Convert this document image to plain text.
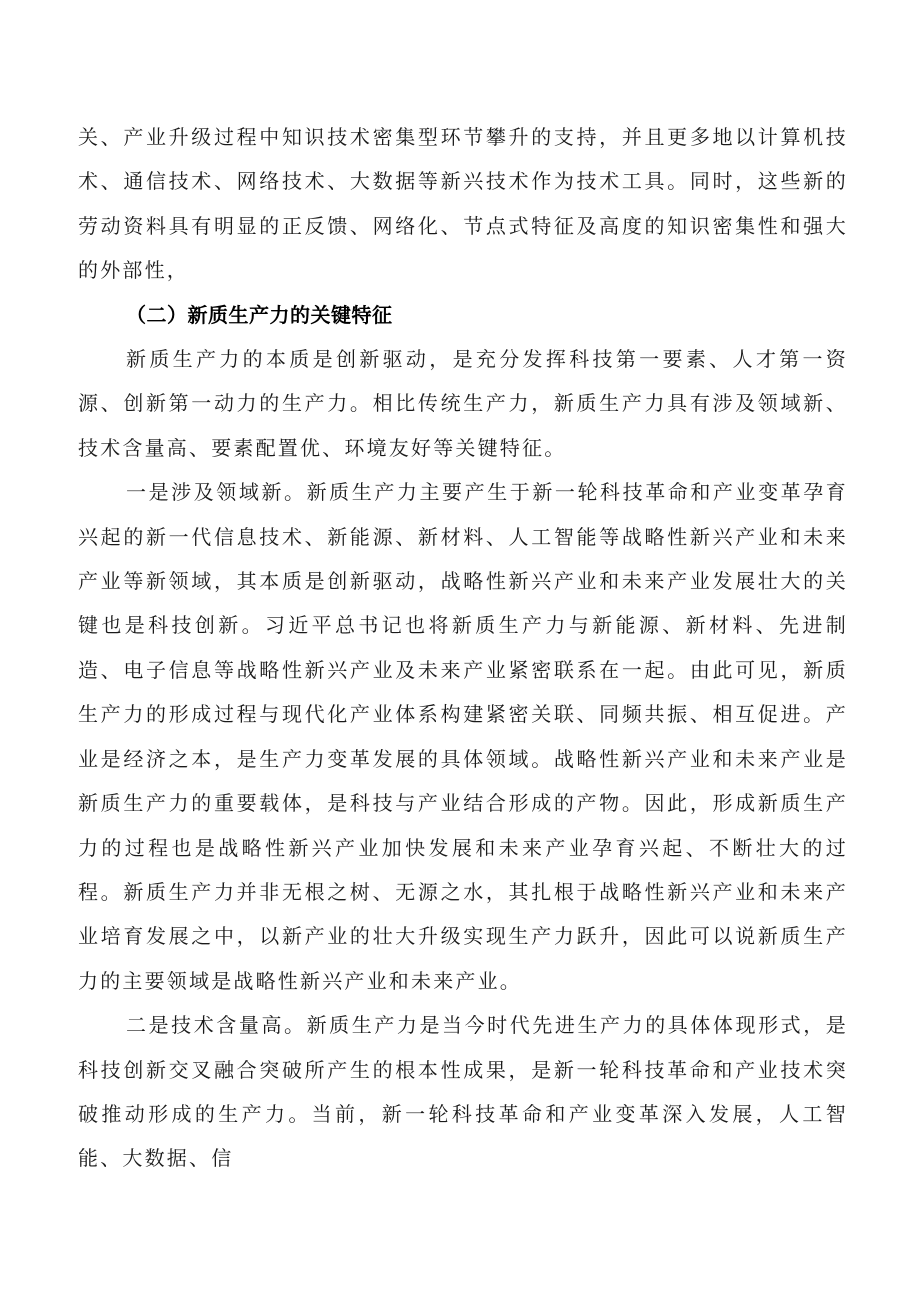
关、产业升级过程中知识技术密集型环节攀升的支持，并且更多地以计算机技术、通信技术、网络技术、大数据等新兴技术作为技术工具。同时，这些新的劳动资料具有明显的正反馈、网络化、节点式特征及高度的知识密集性和强大的外部性，

（二）新质生产力的关键特征

新质生产力的本质是创新驱动，是充分发挥科技第一要素、人才第一资源、创新第一动力的生产力。相比传统生产力，新质生产力具有涉及领域新、技术含量高、要素配置优、环境友好等关键特征。

一是涉及领域新。新质生产力主要产生于新一轮科技革命和产业变革孕育兴起的新一代信息技术、新能源、新材料、人工智能等战略性新兴产业和未来产业等新领域，其本质是创新驱动，战略性新兴产业和未来产业发展壮大的关键也是科技创新。习近平总书记也将新质生产力与新能源、新材料、先进制造、电子信息等战略性新兴产业及未来产业紧密联系在一起。由此可见，新质生产力的形成过程与现代化产业体系构建紧密关联、同频共振、相互促进。产业是经济之本，是生产力变革发展的具体领域。战略性新兴产业和未来产业是新质生产力的重要载体，是科技与产业结合形成的产物。因此，形成新质生产力的过程也是战略性新兴产业加快发展和未来产业孕育兴起、不断壮大的过程。新质生产力并非无根之树、无源之水，其扎根于战略性新兴产业和未来产业培育发展之中，以新产业的壮大升级实现生产力跃升，因此可以说新质生产力的主要领域是战略性新兴产业和未来产业。

二是技术含量高。新质生产力是当今时代先进生产力的具体体现形式，是科技创新交叉融合突破所产生的根本性成果，是新一轮科技革命和产业技术突破推动形成的生产力。当前，新一轮科技革命和产业变革深入发展，人工智能、大数据、信
